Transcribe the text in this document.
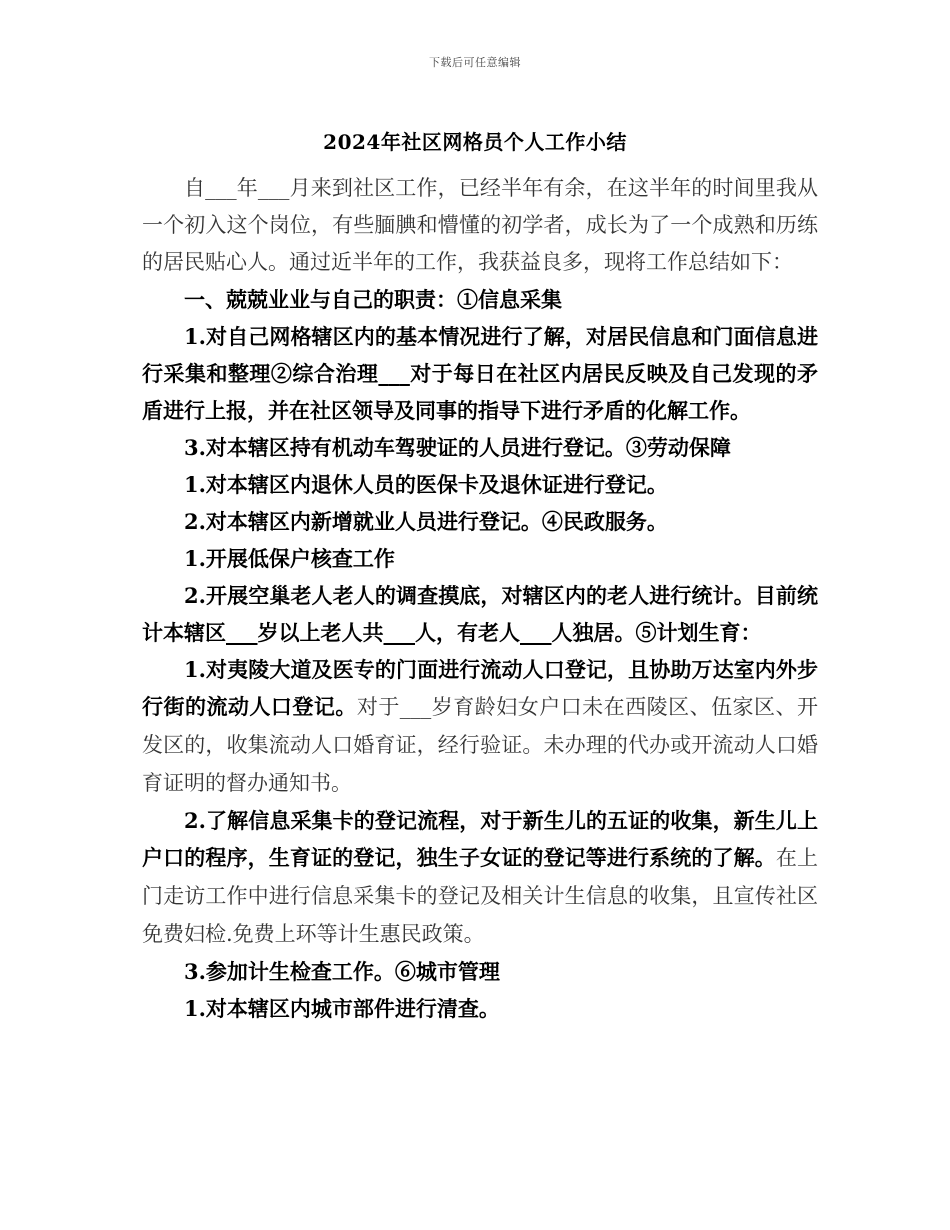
下载后可任意编辑
2024年社区网格员个人工作小结

自___年___月来到社区工作，已经半年有余，在这半年的时间里我从一个初入这个岗位，有些腼腆和懵懂的初学者，成长为了一个成熟和历练的居民贴心人。通过近半年的工作，我获益良多，现将工作总结如下：

一、兢兢业业与自己的职责：①信息采集

1.对自己网格辖区内的基本情况进行了解，对居民信息和门面信息进行采集和整理②综合治理___对于每日在社区内居民反映及自己发现的矛盾进行上报，并在社区领导及同事的指导下进行矛盾的化解工作。

3.对本辖区持有机动车驾驶证的人员进行登记。③劳动保障

1.对本辖区内退休人员的医保卡及退休证进行登记。

2.对本辖区内新增就业人员进行登记。④民政服务。

1.开展低保户核查工作

2.开展空巢老人老人的调查摸底，对辖区内的老人进行统计。目前统计本辖区___岁以上老人共___人，有老人___人独居。⑤计划生育：

1.对夷陵大道及医专的门面进行流动人口登记，且协助万达室内外步行街的流动人口登记。对于___岁育龄妇女户口未在西陵区、伍家区、开发区的，收集流动人口婚育证，经行验证。未办理的代办或开流动人口婚育证明的督办通知书。

2.了解信息采集卡的登记流程，对于新生儿的五证的收集，新生儿上户口的程序，生育证的登记，独生子女证的登记等进行系统的了解。在上门走访工作中进行信息采集卡的登记及相关计生信息的收集，且宣传社区免费妇检.免费上环等计生惠民政策。

3.参加计生检查工作。⑥城市管理

1.对本辖区内城市部件进行清查。
